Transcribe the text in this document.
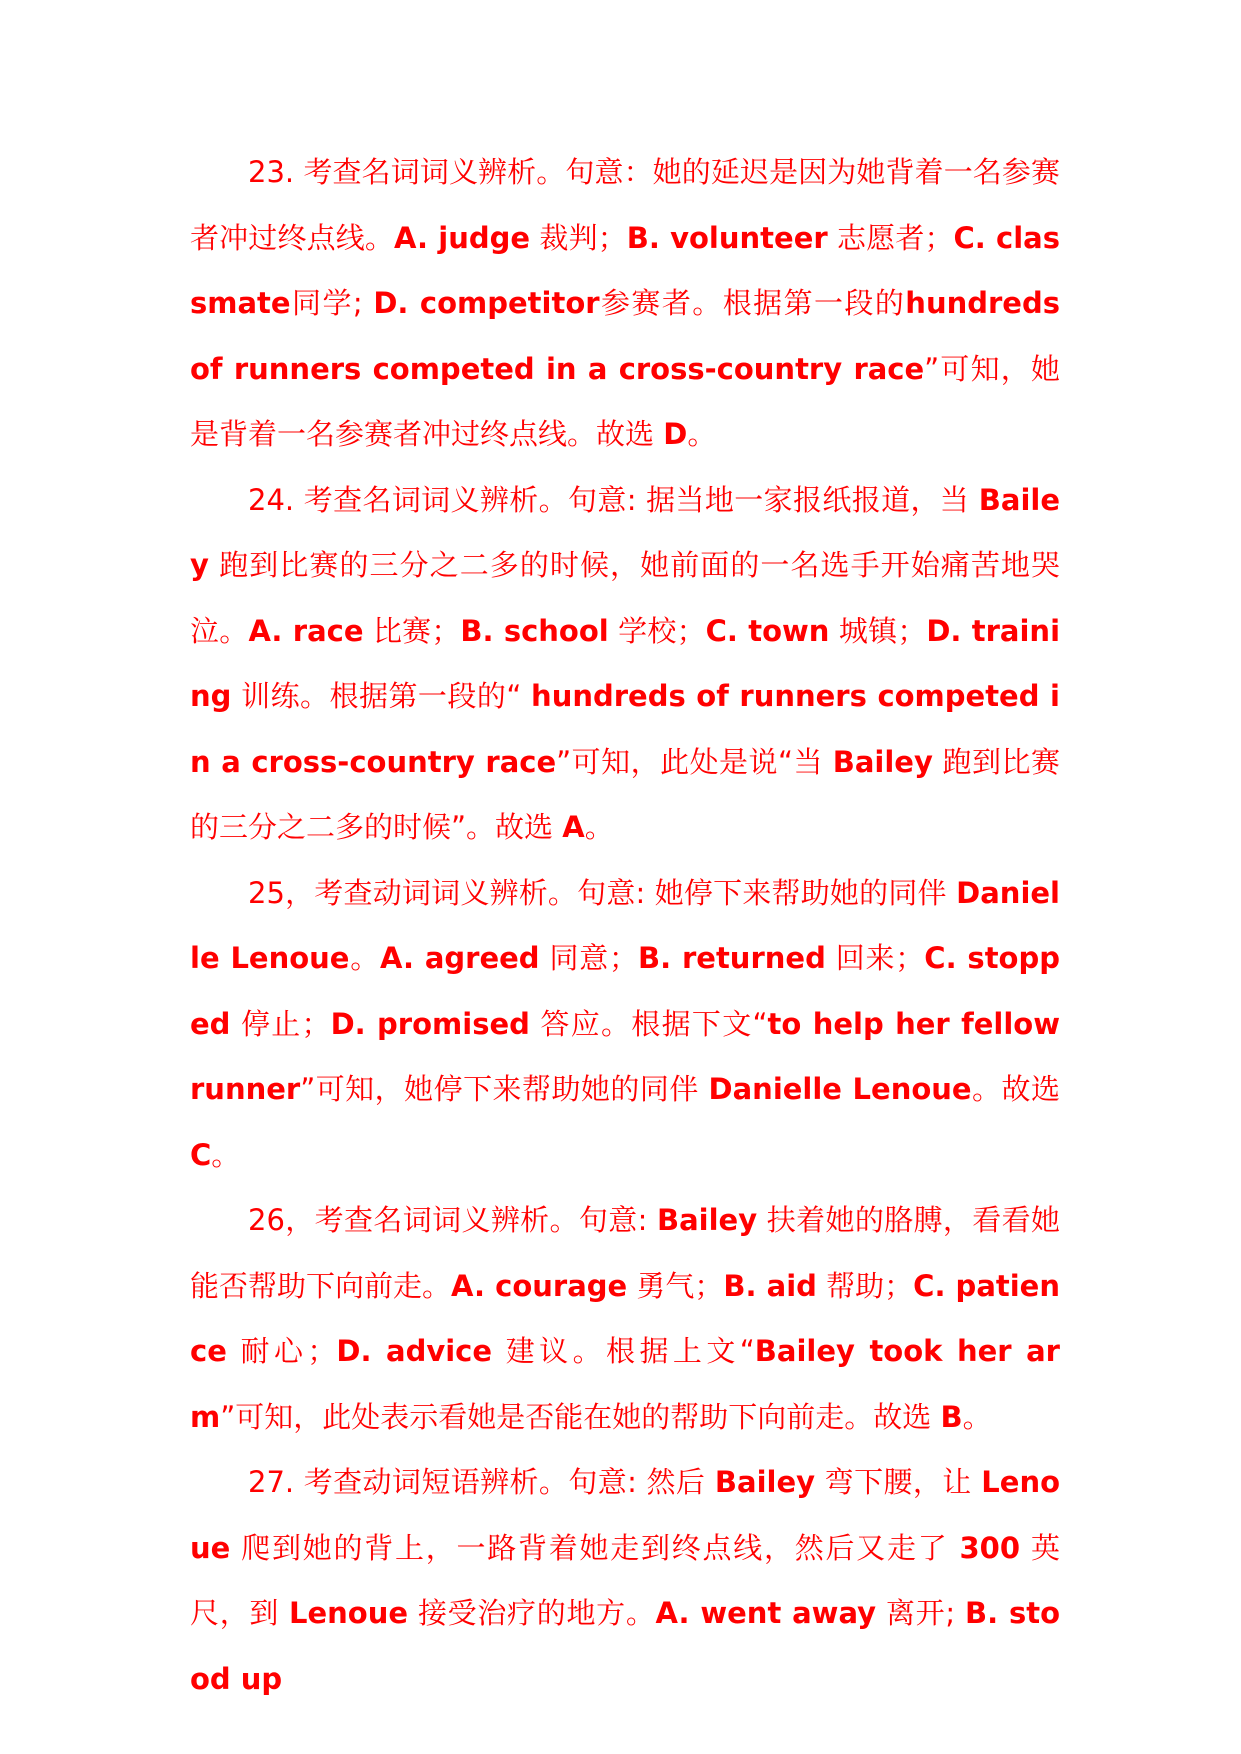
23. 考查名词词义辨析。句意：她的延迟是因为她背着一名参赛者冲过终点线。A. judge 裁判；B. volunteer 志愿者；C. classmate同学; D. competitor参赛者。根据第一段的hundreds of runners competed in a cross-country race”可知，她是背着一名参赛者冲过终点线。故选 D。

24. 考查名词词义辨析。句意: 据当地一家报纸报道，当 Bailey 跑到比赛的三分之二多的时候，她前面的一名选手开始痛苦地哭泣。A. race 比赛；B. school 学校；C. town 城镇；D. training 训练。根据第一段的“ hundreds of runners competed in a cross-country race”可知，此处是说“当 Bailey 跑到比赛的三分之二多的时候”。故选 A。

25，考查动词词义辨析。句意: 她停下来帮助她的同伴 Danielle Lenoue。A. agreed 同意；B. returned 回来；C. stopped 停止；D. promised 答应。根据下文“to help her fellow runner”可知，她停下来帮助她的同伴 Danielle Lenoue。故选 C。

26，考查名词词义辨析。句意: Bailey 扶着她的胳膊，看看她能否帮助下向前走。A. courage 勇气；B. aid 帮助；C. patience 耐心；D. advice 建议。根据上文“Bailey took her arm”可知，此处表示看她是否能在她的帮助下向前走。故选 B。

27. 考查动词短语辨析。句意: 然后 Bailey 弯下腰，让 Lenoue 爬到她的背上，一路背着她走到终点线，然后又走了 300 英尺，到 Lenoue 接受治疗的地方。A. went away 离开; B. stood up
